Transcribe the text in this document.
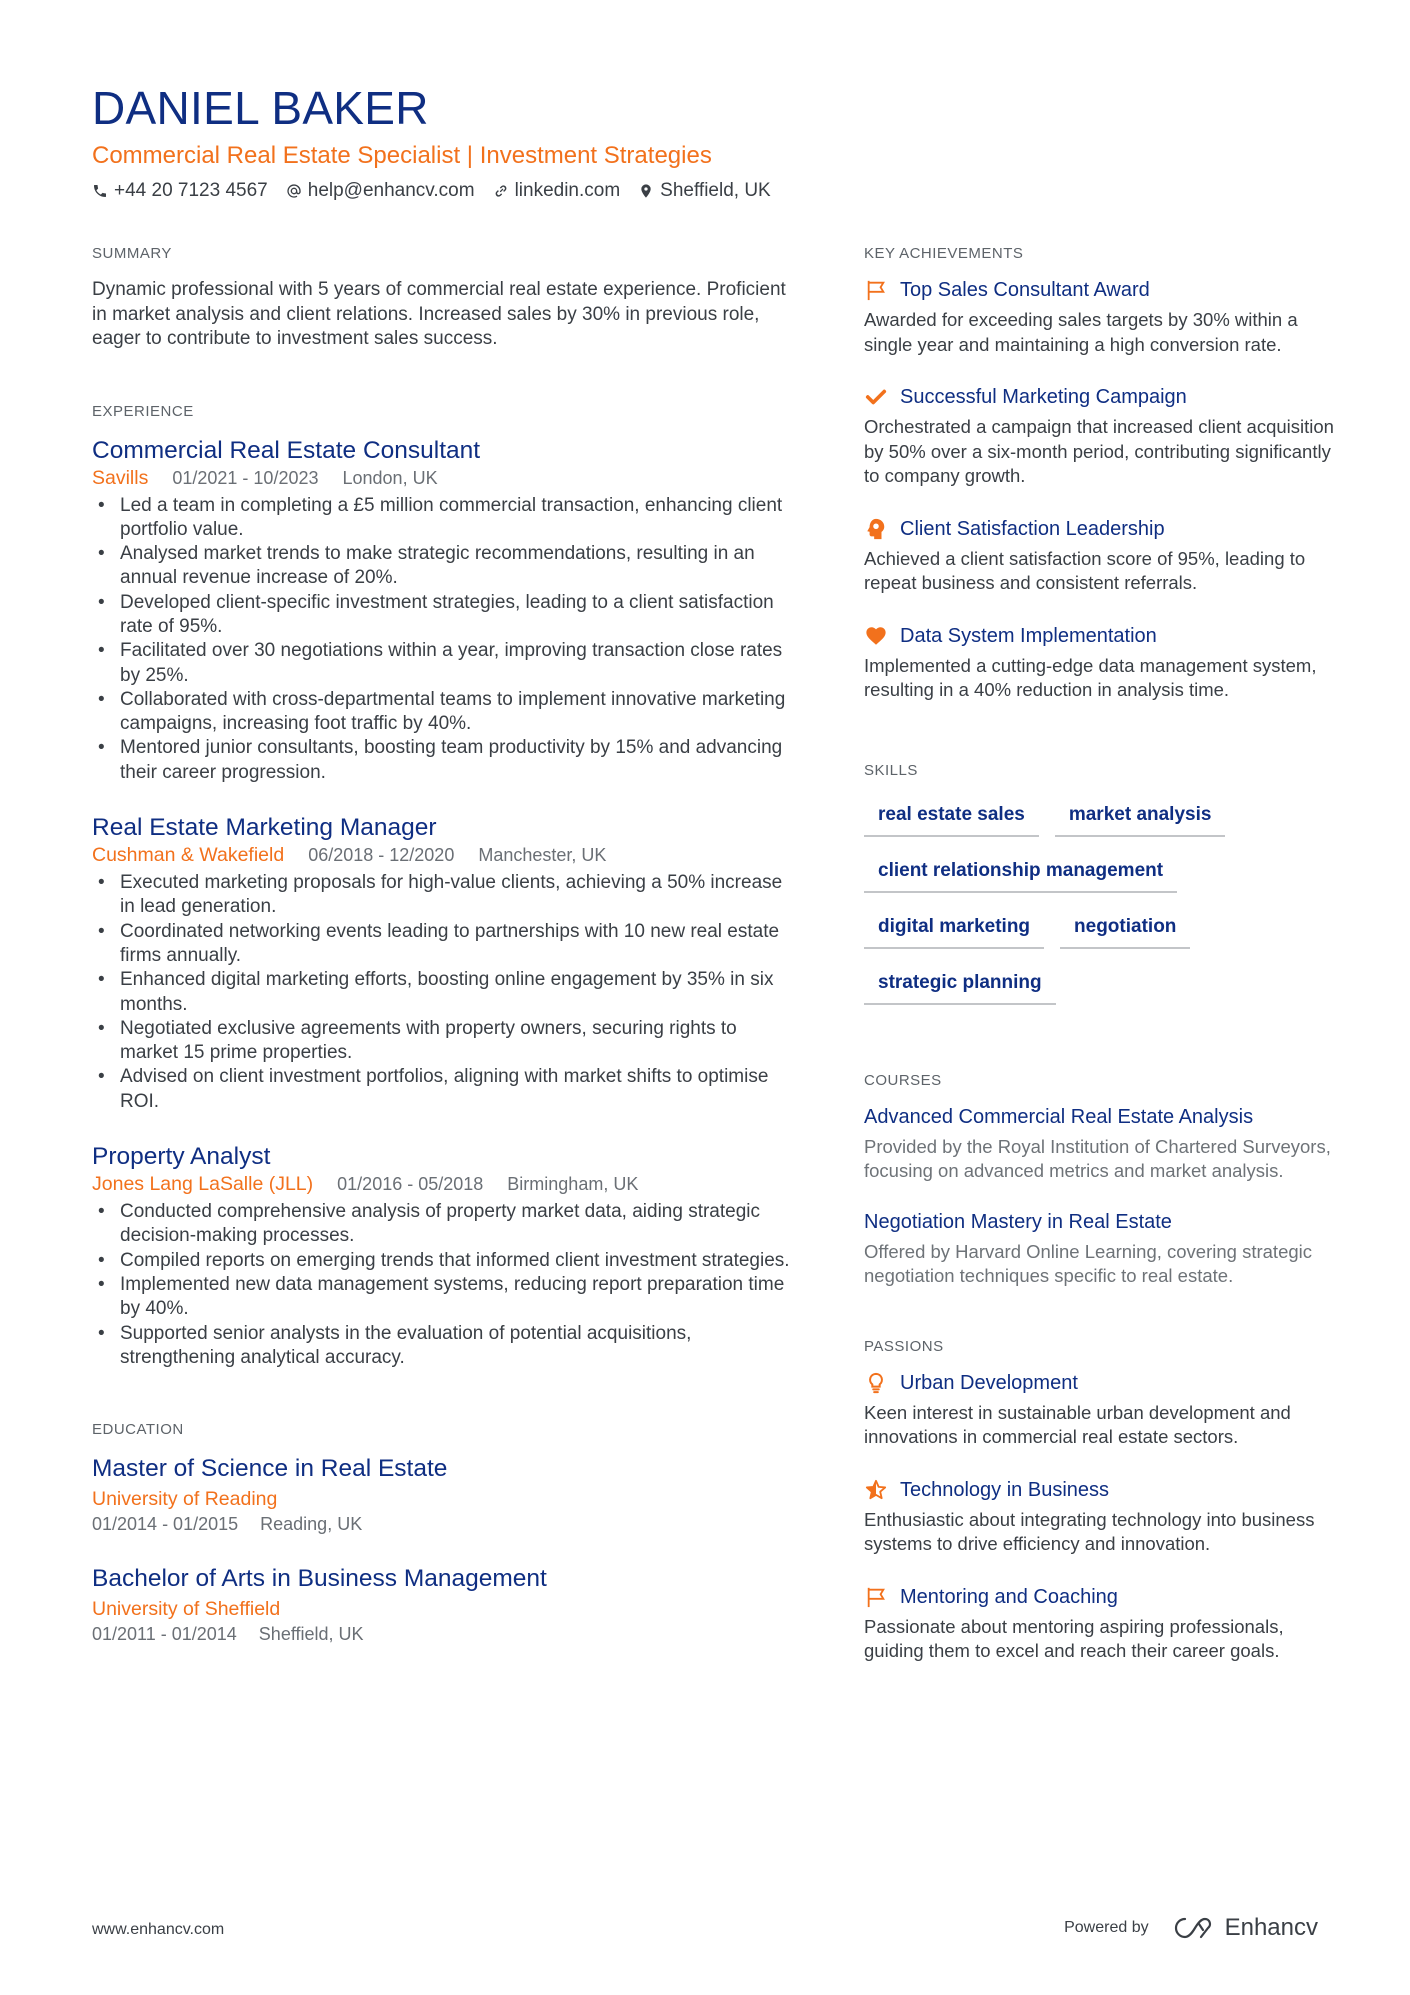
DANIEL BAKER
Commercial Real Estate Specialist | Investment Strategies
+44 20 7123 4567 help@enhancv.com linkedin.com Sheffield, UK
SUMMARY
Dynamic professional with 5 years of commercial real estate experience. Proficient in market analysis and client relations. Increased sales by 30% in previous role, eager to contribute to investment sales success.
EXPERIENCE
Commercial Real Estate Consultant
Savills 01/2021 - 10/2023 London, UK
• Led a team in completing a £5 million commercial transaction, enhancing client portfolio value.
• Analysed market trends to make strategic recommendations, resulting in an annual revenue increase of 20%.
• Developed client-specific investment strategies, leading to a client satisfaction rate of 95%.
• Facilitated over 30 negotiations within a year, improving transaction close rates by 25%.
• Collaborated with cross-departmental teams to implement innovative marketing campaigns, increasing foot traffic by 40%.
• Mentored junior consultants, boosting team productivity by 15% and advancing their career progression.
Real Estate Marketing Manager
Cushman & Wakefield 06/2018 - 12/2020 Manchester, UK
• Executed marketing proposals for high-value clients, achieving a 50% increase in lead generation.
• Coordinated networking events leading to partnerships with 10 new real estate firms annually.
• Enhanced digital marketing efforts, boosting online engagement by 35% in six months.
• Negotiated exclusive agreements with property owners, securing rights to market 15 prime properties.
• Advised on client investment portfolios, aligning with market shifts to optimise ROI.
Property Analyst
Jones Lang LaSalle (JLL) 01/2016 - 05/2018 Birmingham, UK
• Conducted comprehensive analysis of property market data, aiding strategic decision-making processes.
• Compiled reports on emerging trends that informed client investment strategies.
• Implemented new data management systems, reducing report preparation time by 40%.
• Supported senior analysts in the evaluation of potential acquisitions, strengthening analytical accuracy.
EDUCATION
Master of Science in Real Estate
University of Reading
01/2014 - 01/2015 Reading, UK
Bachelor of Arts in Business Management
University of Sheffield
01/2011 - 01/2014 Sheffield, UK
KEY ACHIEVEMENTS
Top Sales Consultant Award
Awarded for exceeding sales targets by 30% within a single year and maintaining a high conversion rate.
Successful Marketing Campaign
Orchestrated a campaign that increased client acquisition by 50% over a six-month period, contributing significantly to company growth.
Client Satisfaction Leadership
Achieved a client satisfaction score of 95%, leading to repeat business and consistent referrals.
Data System Implementation
Implemented a cutting-edge data management system, resulting in a 40% reduction in analysis time.
SKILLS
real estate sales	market analysis
client relationship management
digital marketing	negotiation
strategic planning
COURSES
Advanced Commercial Real Estate Analysis
Provided by the Royal Institution of Chartered Surveyors, focusing on advanced metrics and market analysis.
Negotiation Mastery in Real Estate
Offered by Harvard Online Learning, covering strategic negotiation techniques specific to real estate.
PASSIONS
Urban Development
Keen interest in sustainable urban development and innovations in commercial real estate sectors.
Technology in Business
Enthusiastic about integrating technology into business systems to drive efficiency and innovation.
Mentoring and Coaching
Passionate about mentoring aspiring professionals, guiding them to excel and reach their career goals.
www.enhancv.com	Powered by	Enhancv
